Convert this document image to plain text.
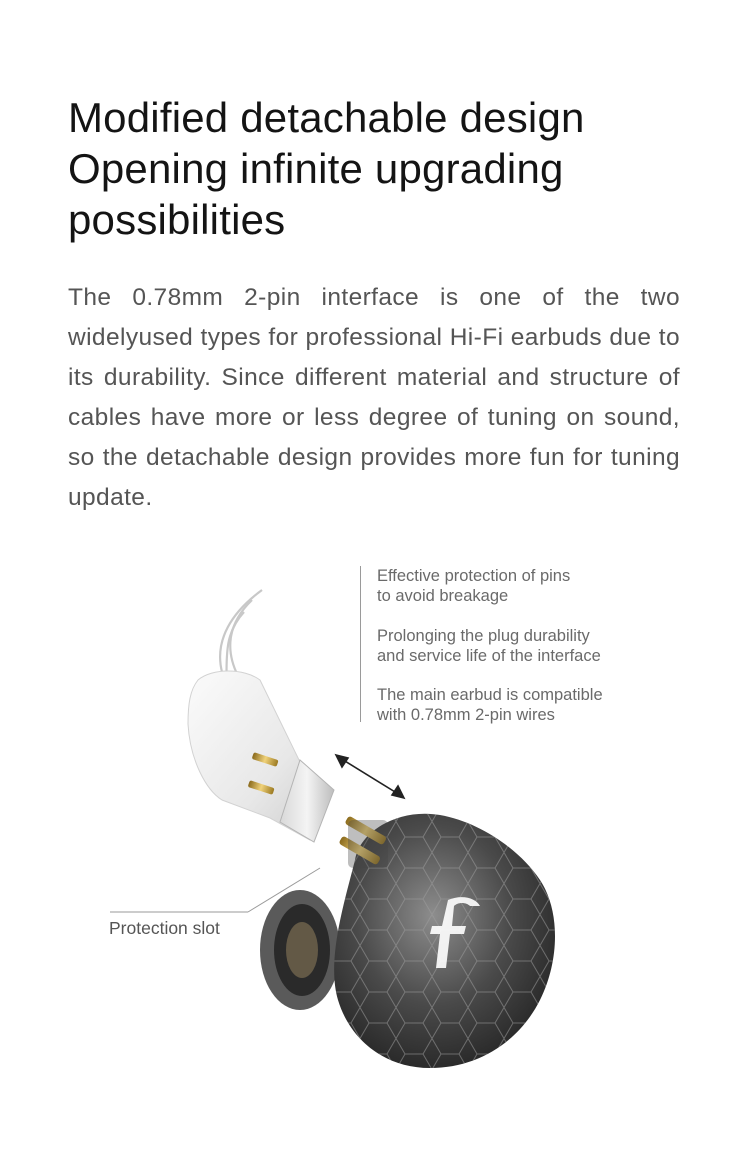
Modified detachable design
Opening infinite upgrading
possibilities

The 0.78mm 2-pin interface is one of the two widelyused types for professional Hi-Fi earbuds due to its durability. Since different material and structure of cables have more or less degree of tuning on sound, so the detachable design provides more fun for tuning update.

Effective protection of pins
to avoid breakage
Prolonging the plug durability
and service life of the interface
The main earbud is compatible
with 0.78mm 2-pin wires
Protection slot
